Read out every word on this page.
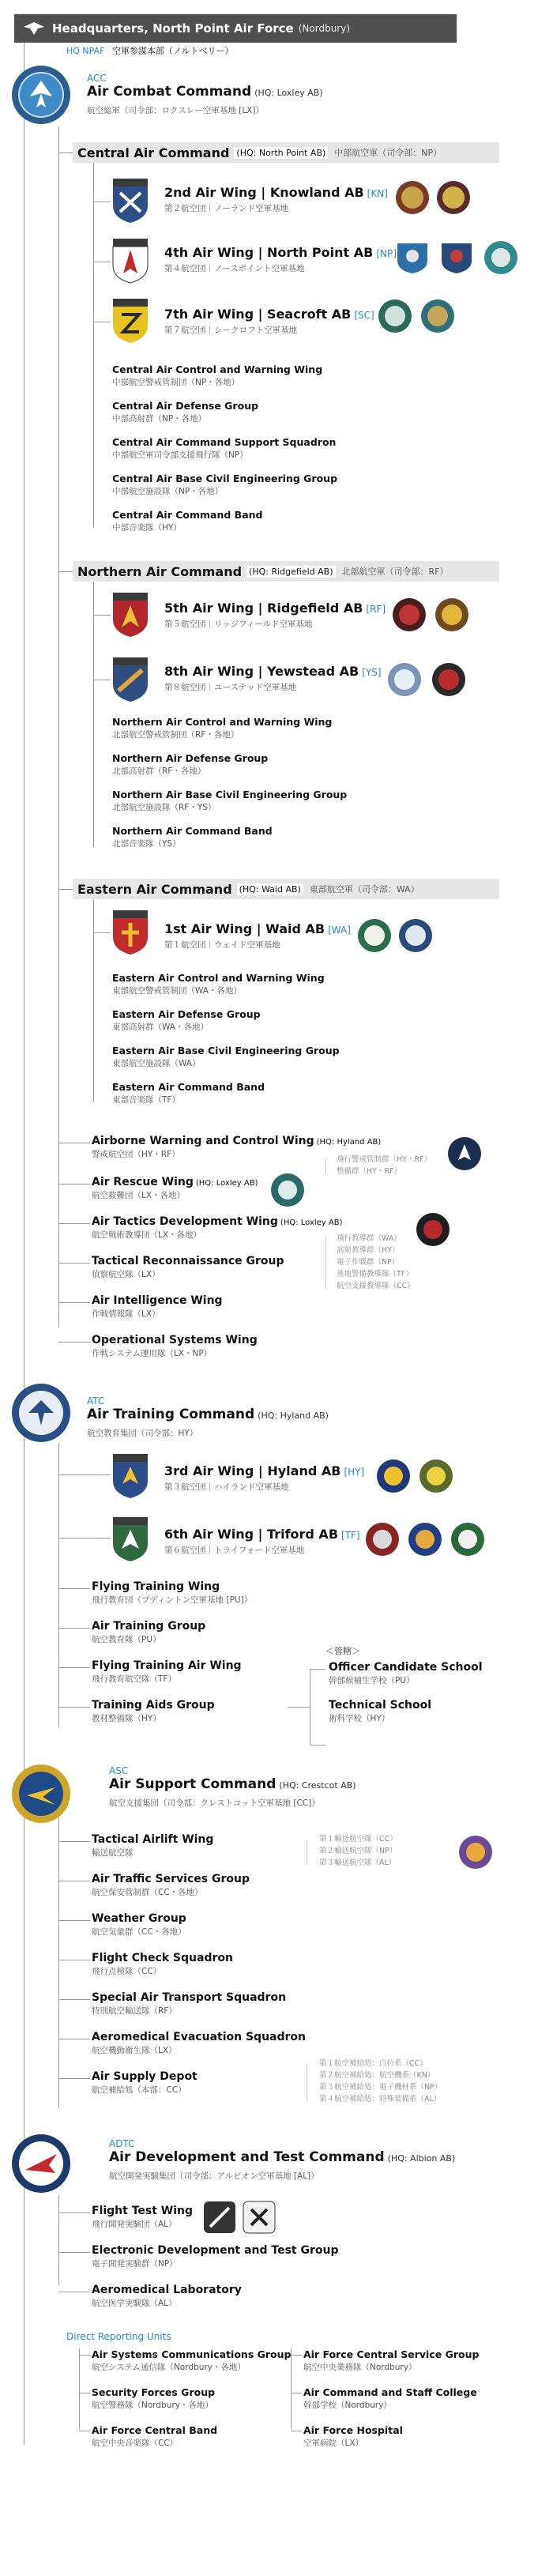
Headquarters, North Point Air Force (Nordbury)
HQ NPAF 空軍参謀本部（ノルトベリー）
ACC
Air Combat Command (HQ: Loxley AB)
航空総軍（司令部：ロクスレー空軍基地 [LX]）
Central Air Command (HQ: North Point AB) 中部航空軍（司令部：NP）
2nd Air Wing | Knowland AB [KN]
第２航空団｜ノーランド空軍基地
4th Air Wing | North Point AB [NP]
第４航空団｜ノースポイント空軍基地
7th Air Wing | Seacroft AB [SC]
第７航空団｜シークロフト空軍基地
Central Air Control and Warning Wing
中部航空警戒管制団（NP・各地）
Central Air Defense Group
中部高射群（NP・各地）
Central Air Command Support Squadron
中部航空軍司令部支援飛行隊（NP）
Central Air Base Civil Engineering Group
中部航空施設隊（NP・各地）
Central Air Command Band
中部音楽隊（HY）
Northern Air Command (HQ: Ridgefield AB) 北部航空軍（司令部：RF）
5th Air Wing | Ridgefield AB [RF]
第５航空団｜リッジフィールド空軍基地
8th Air Wing | Yewstead AB [YS]
第８航空団｜ユーステッド空軍基地
Northern Air Control and Warning Wing
北部航空警戒管制団（RF・各地）
Northern Air Defense Group
北部高射群（RF・各地）
Northern Air Base Civil Engineering Group
北部航空施設隊（RF・YS）
Northern Air Command Band
北部音楽隊（YS）
Eastern Air Command (HQ: Waid AB) 東部航空軍（司令部：WA）
1st Air Wing | Waid AB [WA]
第１航空団｜ウェイド空軍基地
Eastern Air Control and Warning Wing
東部航空警戒管制団（WA・各地）
Eastern Air Defense Group
東部高射群（WA・各地）
Eastern Air Base Civil Engineering Group
東部航空施設隊（WA）
Eastern Air Command Band
東部音楽隊（TF）
Airborne Warning and Control Wing (HQ: Hyland AB)
警戒航空団（HY・RF）
飛行警戒管制群（HY・RF）
整備群（HY・RF）
Air Rescue Wing (HQ: Loxley AB)
航空救難団（LX・各地）
Air Tactics Development Wing (HQ: Loxley AB)
航空戦術教導団（LX・各地）	飛行教導群（WA）
高射教導群（HY）
電子作戦群（NP）
基地警備教導隊（TF）
航空支援教導隊（CC）
Tactical Reconnaissance Group
偵察航空隊（LX）
Air Intelligence Wing
作戦情報隊（LX）
Operational Systems Wing
作戦システム運用隊（LX・NP）
ATC
Air Training Command (HQ: Hyland AB)
航空教育集団（司令部：HY）
3rd Air Wing | Hyland AB [HY]
第３航空団｜ハイランド空軍基地
6th Air Wing | Triford AB [TF]
第６航空団｜トライフォード空軍基地
Flying Training Wing
飛行教育団（プディントン空軍基地 [PU]）
Air Training Group
航空教育隊（PU）
Flying Training Air Wing
飛行教育航空隊（TF）
Training Aids Group
教材整備隊（HY）
＜管轄＞
Officer Candidate School
幹部候補生学校（PU）
Technical School
術科学校（HY）
ASC
Air Support Command (HQ: Crestcot AB)
航空支援集団（司令部：クレストコット空軍基地 [CC]）
Tactical Airlift Wing
輸送航空隊
第１輸送航空隊（CC）
第２輸送航空隊（NP）
第３輸送航空隊（AL）
Air Traffic Services Group
航空保安管制群（CC・各地）
Weather Group
航空気象群（CC・各地）
Flight Check Squadron
飛行点検隊（CC）
Special Air Transport Squadron
特別航空輸送隊（RF）
Aeromedical Evacuation Squadron
航空機動衛生隊（LX）
Air Supply Depot
航空補給処（本部：CC）
第１航空補給処：白拉系（CC）
第２航空補給処：航空機系（KN）
第３航空補給処：電子機材系（NP）
第４航空補給処：特殊装備系（AL）
ADTC
Air Development and Test Command (HQ: Albion AB)
航空開発実験集団（司令部：アルビオン空軍基地 [AL]）
Flight Test Wing
飛行開発実験団（AL）
Electronic Development and Test Group
電子開発実験群（NP）
Aeromedical Laboratory
航空医学実験隊（AL）
Direct Reporting Units
Air Systems Communications Group
航空システム通信隊（Nordbury・各地）
Security Forces Group
航空警務隊（Nordbury・各地）
Air Force Central Band
航空中央音楽隊（CC）
Air Force Central Service Group
航空中央業務隊（Nordbury）
Air Command and Staff College
幹部学校（Nordbury）
Air Force Hospital
空軍病院（LX）
